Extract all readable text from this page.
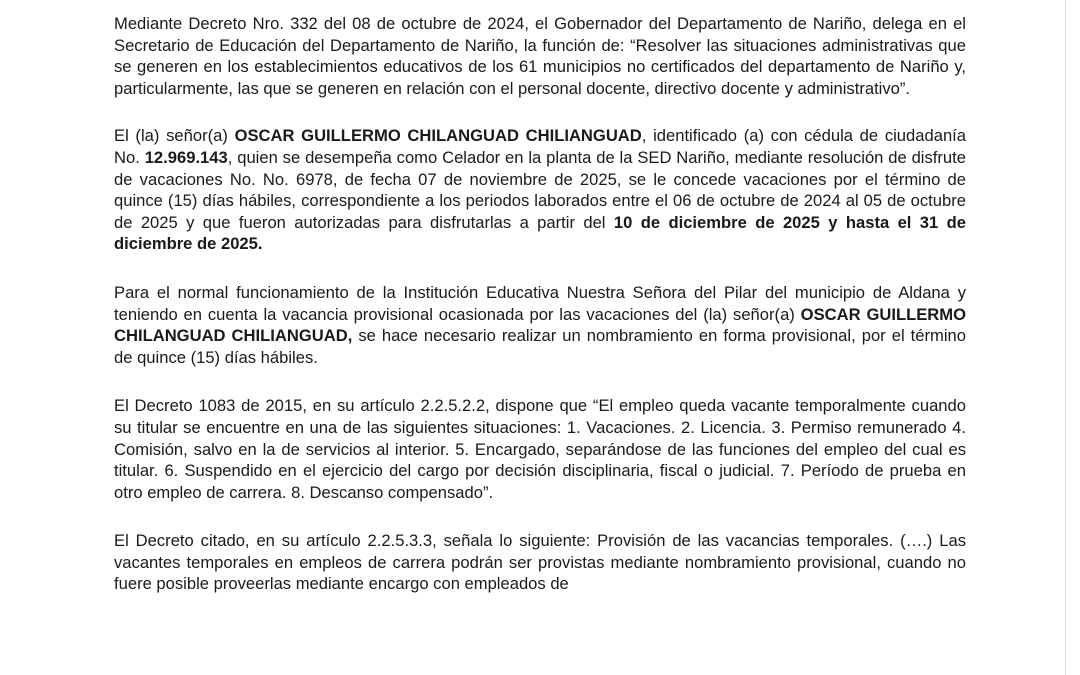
Mediante Decreto Nro. 332 del 08 de octubre de 2024, el Gobernador del Departamento de Nariño, delega en el Secretario de Educación del Departamento de Nariño, la función de: “Resolver las situaciones administrativas que se generen en los establecimientos educativos de los 61 municipios no certificados del departamento de Nariño y, particularmente, las que se generen en relación con el personal docente, directivo docente y administrativo”.

El (la) señor(a) OSCAR GUILLERMO CHILANGUAD CHILIANGUAD, identificado (a) con cédula de ciudadanía No. 12.969.143, quien se desempeña como Celador en la planta de la SED Nariño, mediante resolución de disfrute de vacaciones No. No. 6978, de fecha 07 de noviembre de 2025, se le concede vacaciones por el término de quince (15) días hábiles, correspondiente a los periodos laborados entre el 06 de octubre de 2024 al 05 de octubre de 2025 y que fueron autorizadas para disfrutarlas a partir del 10 de diciembre de 2025 y hasta el 31 de diciembre de 2025.

Para el normal funcionamiento de la Institución Educativa Nuestra Señora del Pilar del municipio de Aldana y teniendo en cuenta la vacancia provisional ocasionada por las vacaciones del (la) señor(a) OSCAR GUILLERMO CHILANGUAD CHILIANGUAD, se hace necesario realizar un nombramiento en forma provisional, por el término de quince (15) días hábiles.

El Decreto 1083 de 2015, en su artículo 2.2.5.2.2, dispone que “El empleo queda vacante temporalmente cuando su titular se encuentre en una de las siguientes situaciones: 1. Vacaciones. 2. Licencia. 3. Permiso remunerado 4. Comisión, salvo en la de servicios al interior. 5. Encargado, separándose de las funciones del empleo del cual es titular. 6. Suspendido en el ejercicio del cargo por decisión disciplinaria, fiscal o judicial. 7. Período de prueba en otro empleo de carrera. 8. Descanso compensado”.

El Decreto citado, en su artículo 2.2.5.3.3, señala lo siguiente: Provisión de las vacancias temporales. (….) Las vacantes temporales en empleos de carrera podrán ser provistas mediante nombramiento provisional, cuando no fuere posible proveerlas mediante encargo con empleados de
